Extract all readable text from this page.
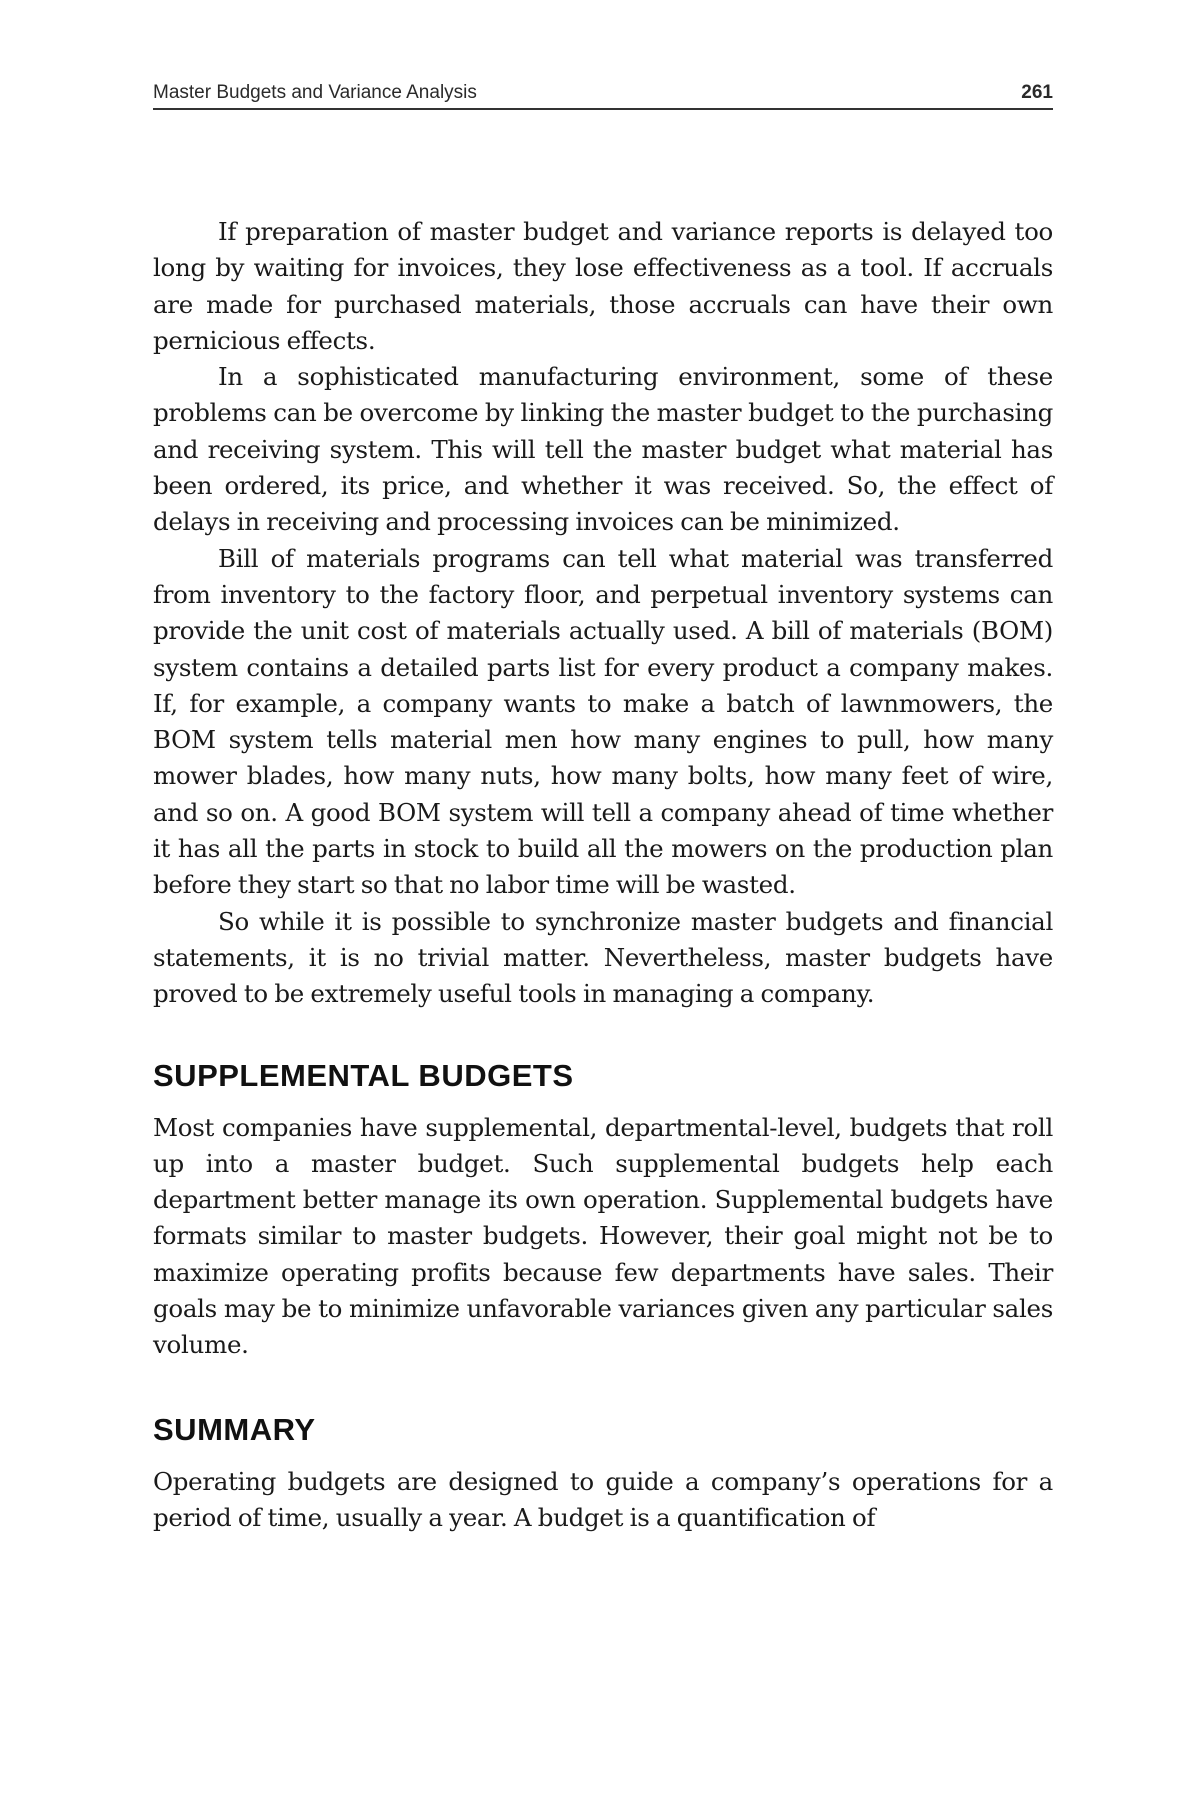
Master Budgets and Variance Analysis	261

If preparation of master budget and variance reports is delayed too long by waiting for invoices, they lose effectiveness as a tool. If accruals are made for purchased materials, those accruals can have their own pernicious effects.

In a sophisticated manufacturing environment, some of these problems can be overcome by linking the master budget to the purchasing and receiving system. This will tell the master budget what material has been ordered, its price, and whether it was received. So, the effect of delays in receiving and processing invoices can be minimized.

Bill of materials programs can tell what material was transferred from inventory to the factory floor, and perpetual inventory systems can provide the unit cost of materials actually used. A bill of materials (BOM) system contains a detailed parts list for every product a company makes. If, for example, a company wants to make a batch of lawnmowers, the BOM system tells material men how many engines to pull, how many mower blades, how many nuts, how many bolts, how many feet of wire, and so on. A good BOM system will tell a company ahead of time whether it has all the parts in stock to build all the mowers on the production plan before they start so that no labor time will be wasted.

So while it is possible to synchronize master budgets and financial statements, it is no trivial matter. Nevertheless, master budgets have proved to be extremely useful tools in managing a company.

SUPPLEMENTAL BUDGETS

Most companies have supplemental, departmental-level, budgets that roll up into a master budget. Such supplemental budgets help each department better manage its own operation. Supplemental budgets have formats similar to master budgets. However, their goal might not be to maximize operating profits because few departments have sales. Their goals may be to minimize unfavorable variances given any particular sales volume.

SUMMARY

Operating budgets are designed to guide a company’s operations for a period of time, usually a year. A budget is a quantification of
